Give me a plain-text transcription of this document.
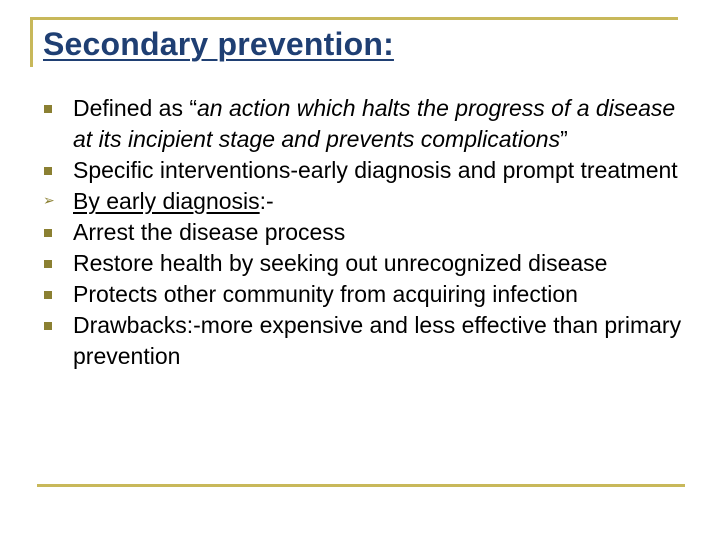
Secondary prevention:
Defined as “an action which halts the progress of a disease at its incipient stage and prevents complications”
Specific interventions-early diagnosis and prompt treatment
➢
By early diagnosis:-
Arrest the disease process
Restore health by seeking out unrecognized disease
Protects other community from acquiring infection
Drawbacks:-more expensive and less effective than primary prevention
